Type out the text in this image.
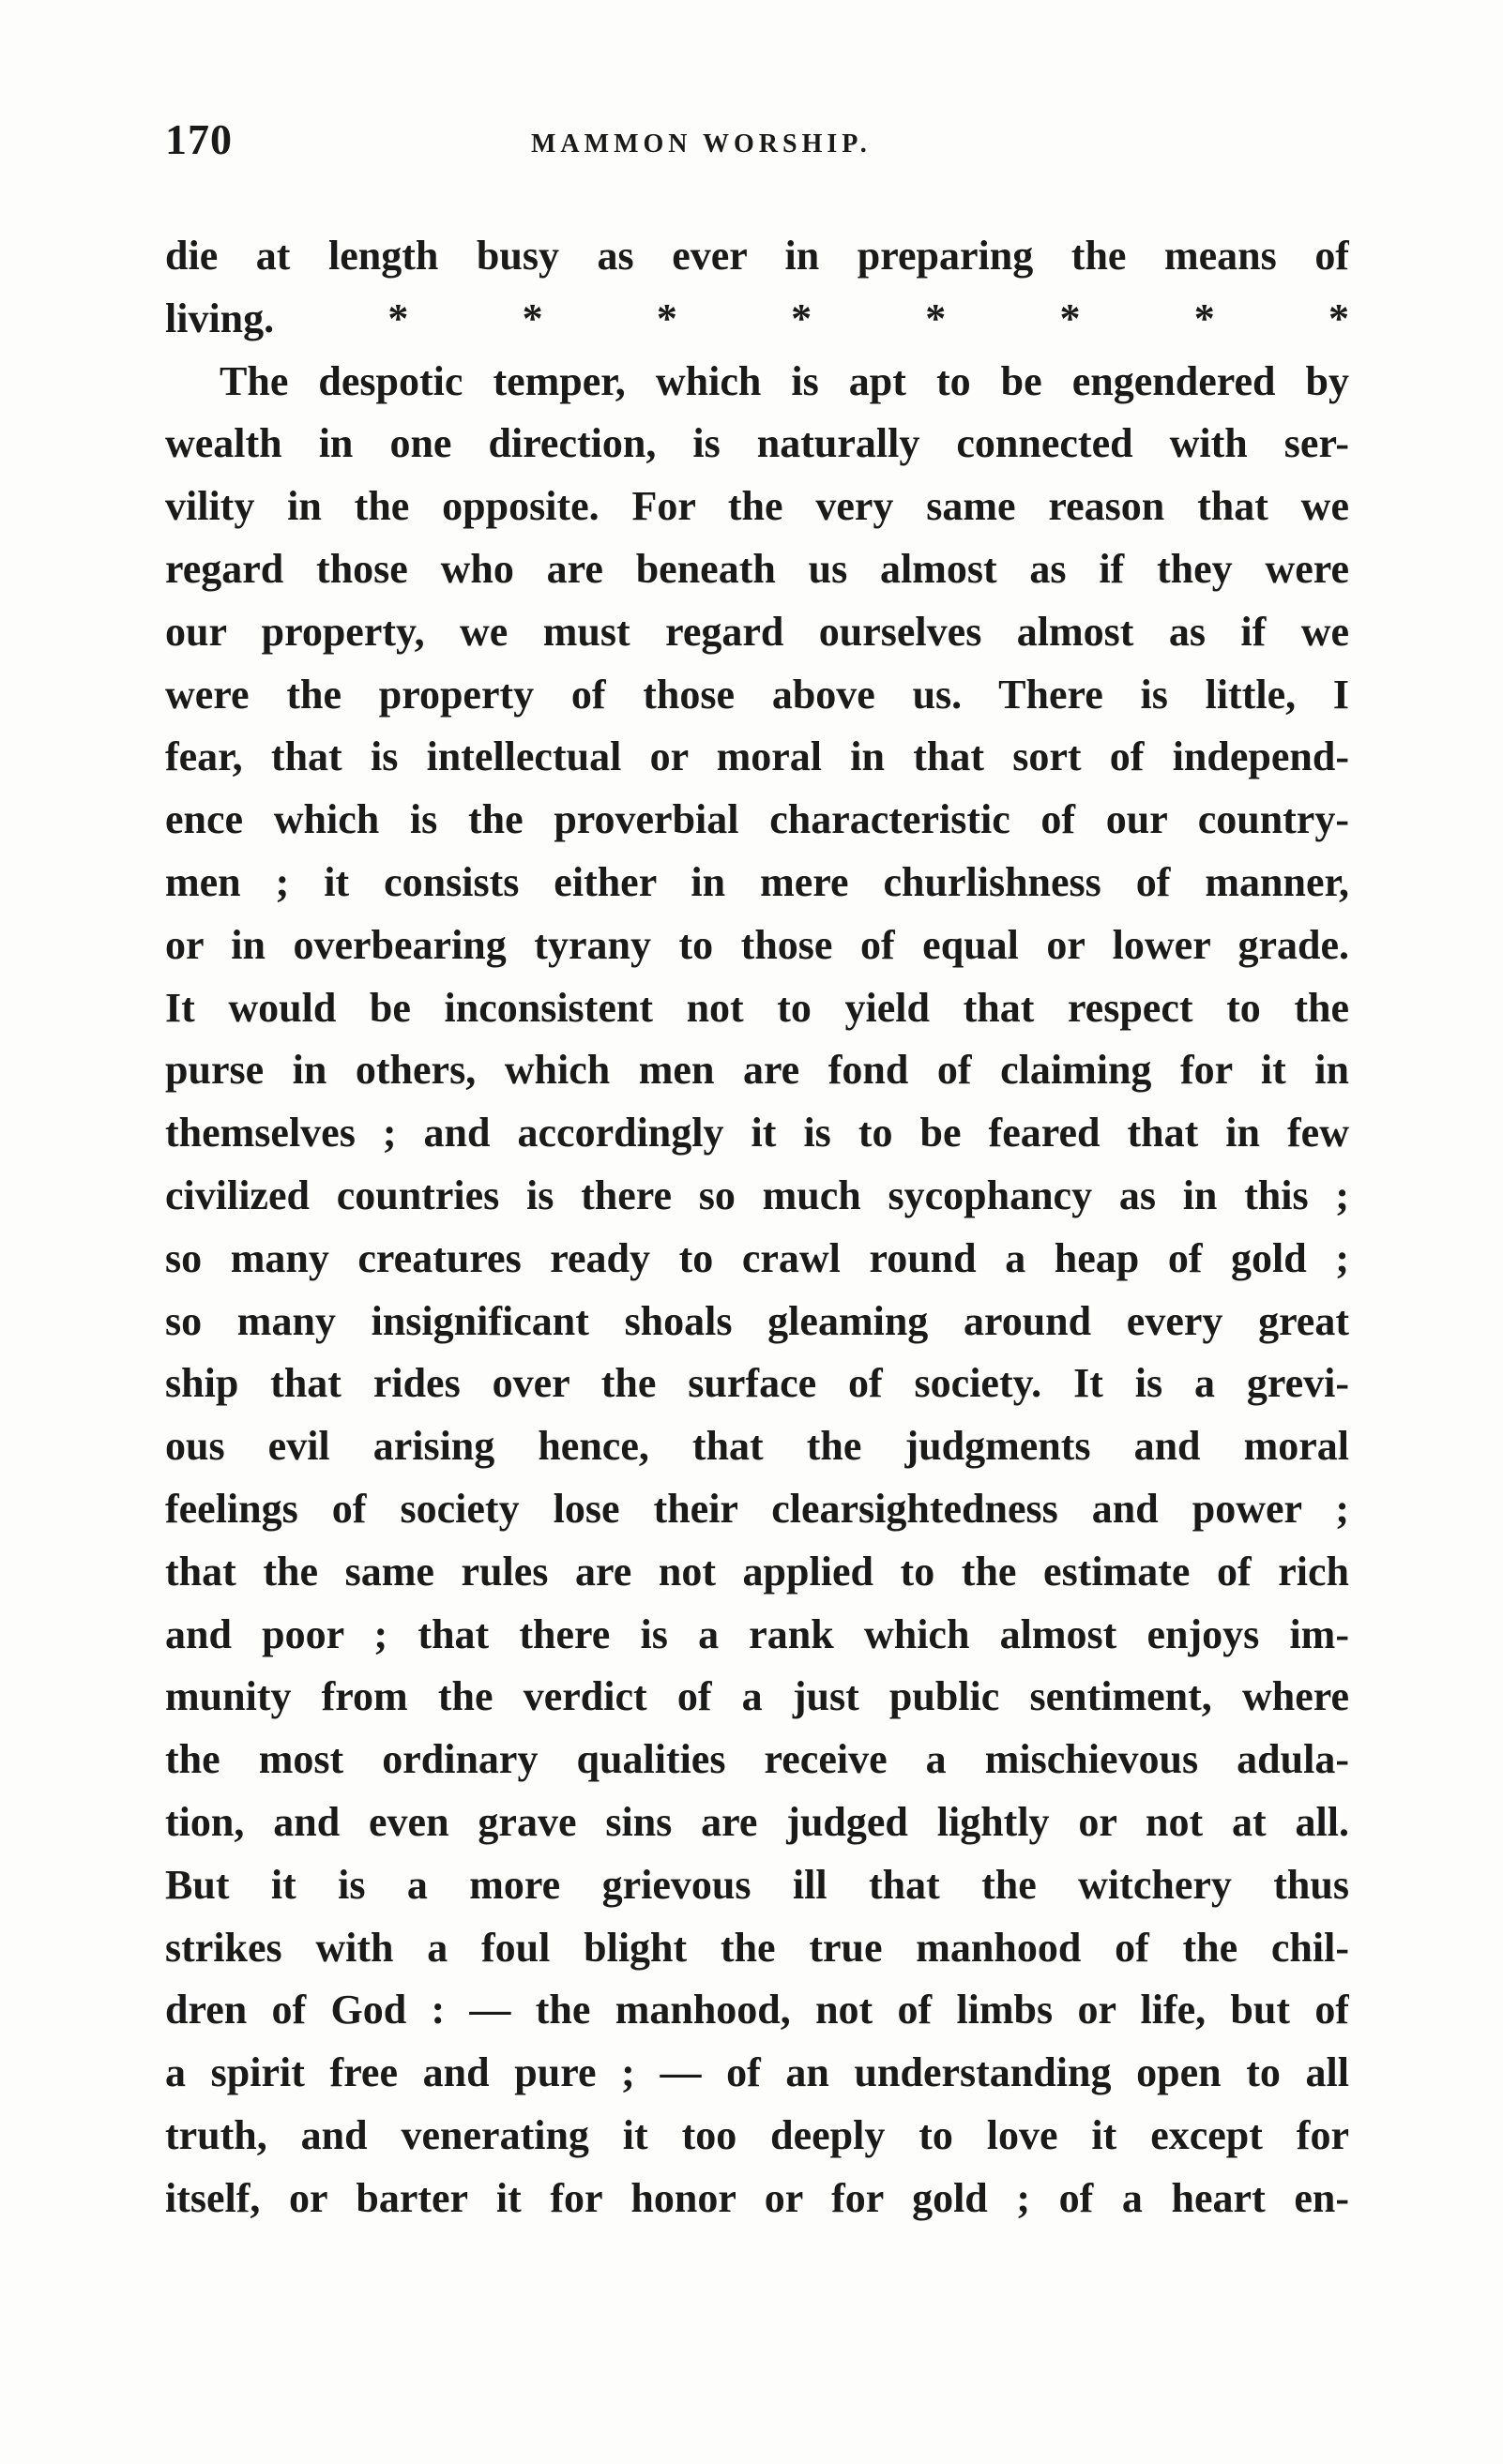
170	MAMMON WORSHIP.
die at length busy as ever in preparing the means of
living. * * * * * * * *
The despotic temper, which is apt to be engendered by
wealth in one direction, is naturally connected with ser-
vility in the opposite. For the very same reason that we
regard those who are beneath us almost as if they were
our property, we must regard ourselves almost as if we
were the property of those above us. There is little, I
fear, that is intellectual or moral in that sort of independ-
ence which is the proverbial characteristic of our country-
men ; it consists either in mere churlishness of manner,
or in overbearing tyrany to those of equal or lower grade.
It would be inconsistent not to yield that respect to the
purse in others, which men are fond of claiming for it in
themselves ; and accordingly it is to be feared that in few
civilized countries is there so much sycophancy as in this ;
so many creatures ready to crawl round a heap of gold ;
so many insignificant shoals gleaming around every great
ship that rides over the surface of society. It is a grevi-
ous evil arising hence, that the judgments and moral
feelings of society lose their clearsightedness and power ;
that the same rules are not applied to the estimate of rich
and poor ; that there is a rank which almost enjoys im-
munity from the verdict of a just public sentiment, where
the most ordinary qualities receive a mischievous adula-
tion, and even grave sins are judged lightly or not at all.
But it is a more grievous ill that the witchery thus
strikes with a foul blight the true manhood of the chil-
dren of God : — the manhood, not of limbs or life, but of
a spirit free and pure ; — of an understanding open to all
truth, and venerating it too deeply to love it except for
itself, or barter it for honor or for gold ; of a heart en-
